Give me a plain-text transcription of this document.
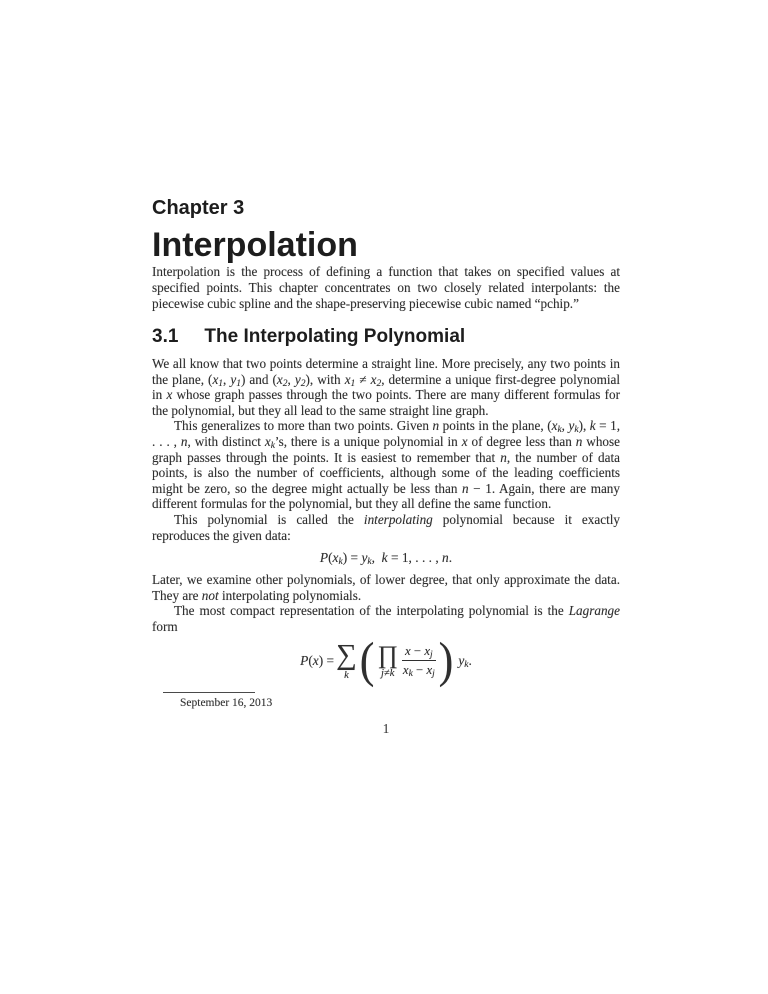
Chapter 3
Interpolation

Interpolation is the process of defining a function that takes on specified values at specified points. This chapter concentrates on two closely related interpolants: the piecewise cubic spline and the shape-preserving piecewise cubic named “pchip.”

3.1 The Interpolating Polynomial

We all know that two points determine a straight line. More precisely, any two points in the plane, ($x_1$, $y_1$) and ($x_2$, $y_2$), with $x_1 \ne x_2$, determine a unique first-degree polynomial in x whose graph passes through the two points. There are many different formulas for the polynomial, but they all lead to the same straight line graph.

This generalizes to more than two points. Given n points in the plane, ($x_k$, $y_k$), k = 1, . . . , n, with distinct $x_k’s$, there is a unique polynomial in x of degree less than n whose graph passes through the points. It is easiest to remember that n, the number of data points, is also the number of coefficients, although some of the leading coefficients might be zero, so the degree might actually be less than n − 1. Again, there are many different formulas for the polynomial, but they all define the same function.

This polynomial is called the interpolating polynomial because it exactly reproduces the given data:

$P(x_k) = y_k$, k = 1, . . . , n.

Later, we examine other polynomials, of lower degree, that only approximate the data. They are not interpolating polynomials.

The most compact representation of the interpolating polynomial is the Lagrange form

P(x) = ∑
k ( ∏
$j\ne k \frac{x - x_j}{x_k - x_j}$ ) $y_k$.
September 16, 2013
1
